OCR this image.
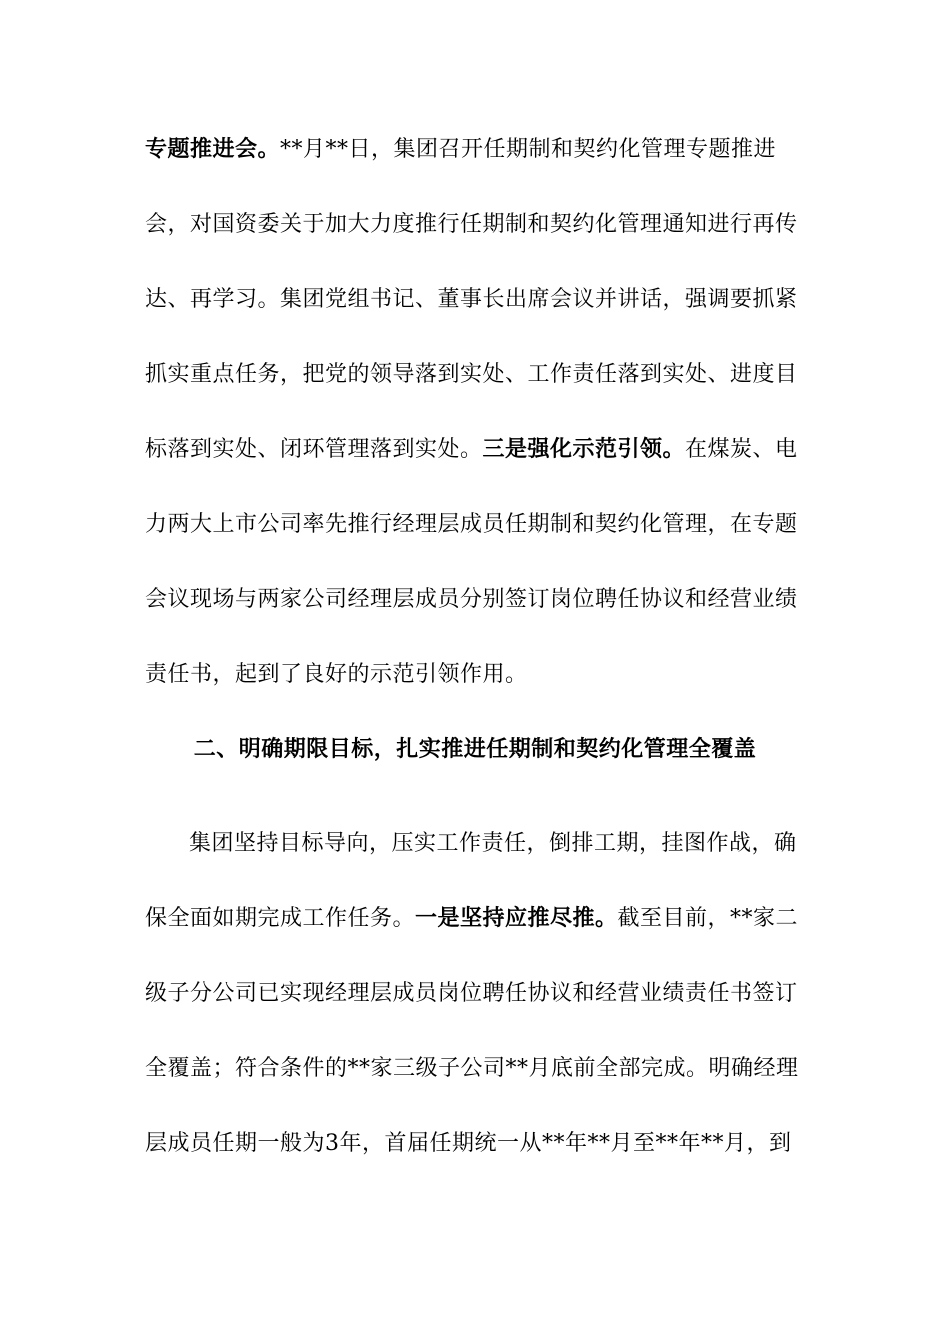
专题推进会。**月**日，集团召开任期制和契约化管理专题推进会，对国资委关于加大力度推行任期制和契约化管理通知进行再传达、再学习。集团党组书记、董事长出席会议并讲话，强调要抓紧抓实重点任务，把党的领导落到实处、工作责任落到实处、进度目标落到实处、闭环管理落到实处。三是强化示范引领。在煤炭、电力两大上市公司率先推行经理层成员任期制和契约化管理，在专题会议现场与两家公司经理层成员分别签订岗位聘任协议和经营业绩责任书，起到了良好的示范引领作用。

二、明确期限目标，扎实推进任期制和契约化管理全覆盖

集团坚持目标导向，压实工作责任，倒排工期，挂图作战，确保全面如期完成工作任务。一是坚持应推尽推。截至目前，**家二级子分公司已实现经理层成员岗位聘任协议和经营业绩责任书签订全覆盖；符合条件的**家三级子公司**月底前全部完成。明确经理层成员任期一般为3年，首届任期统一从**年**月至**年**月，到
